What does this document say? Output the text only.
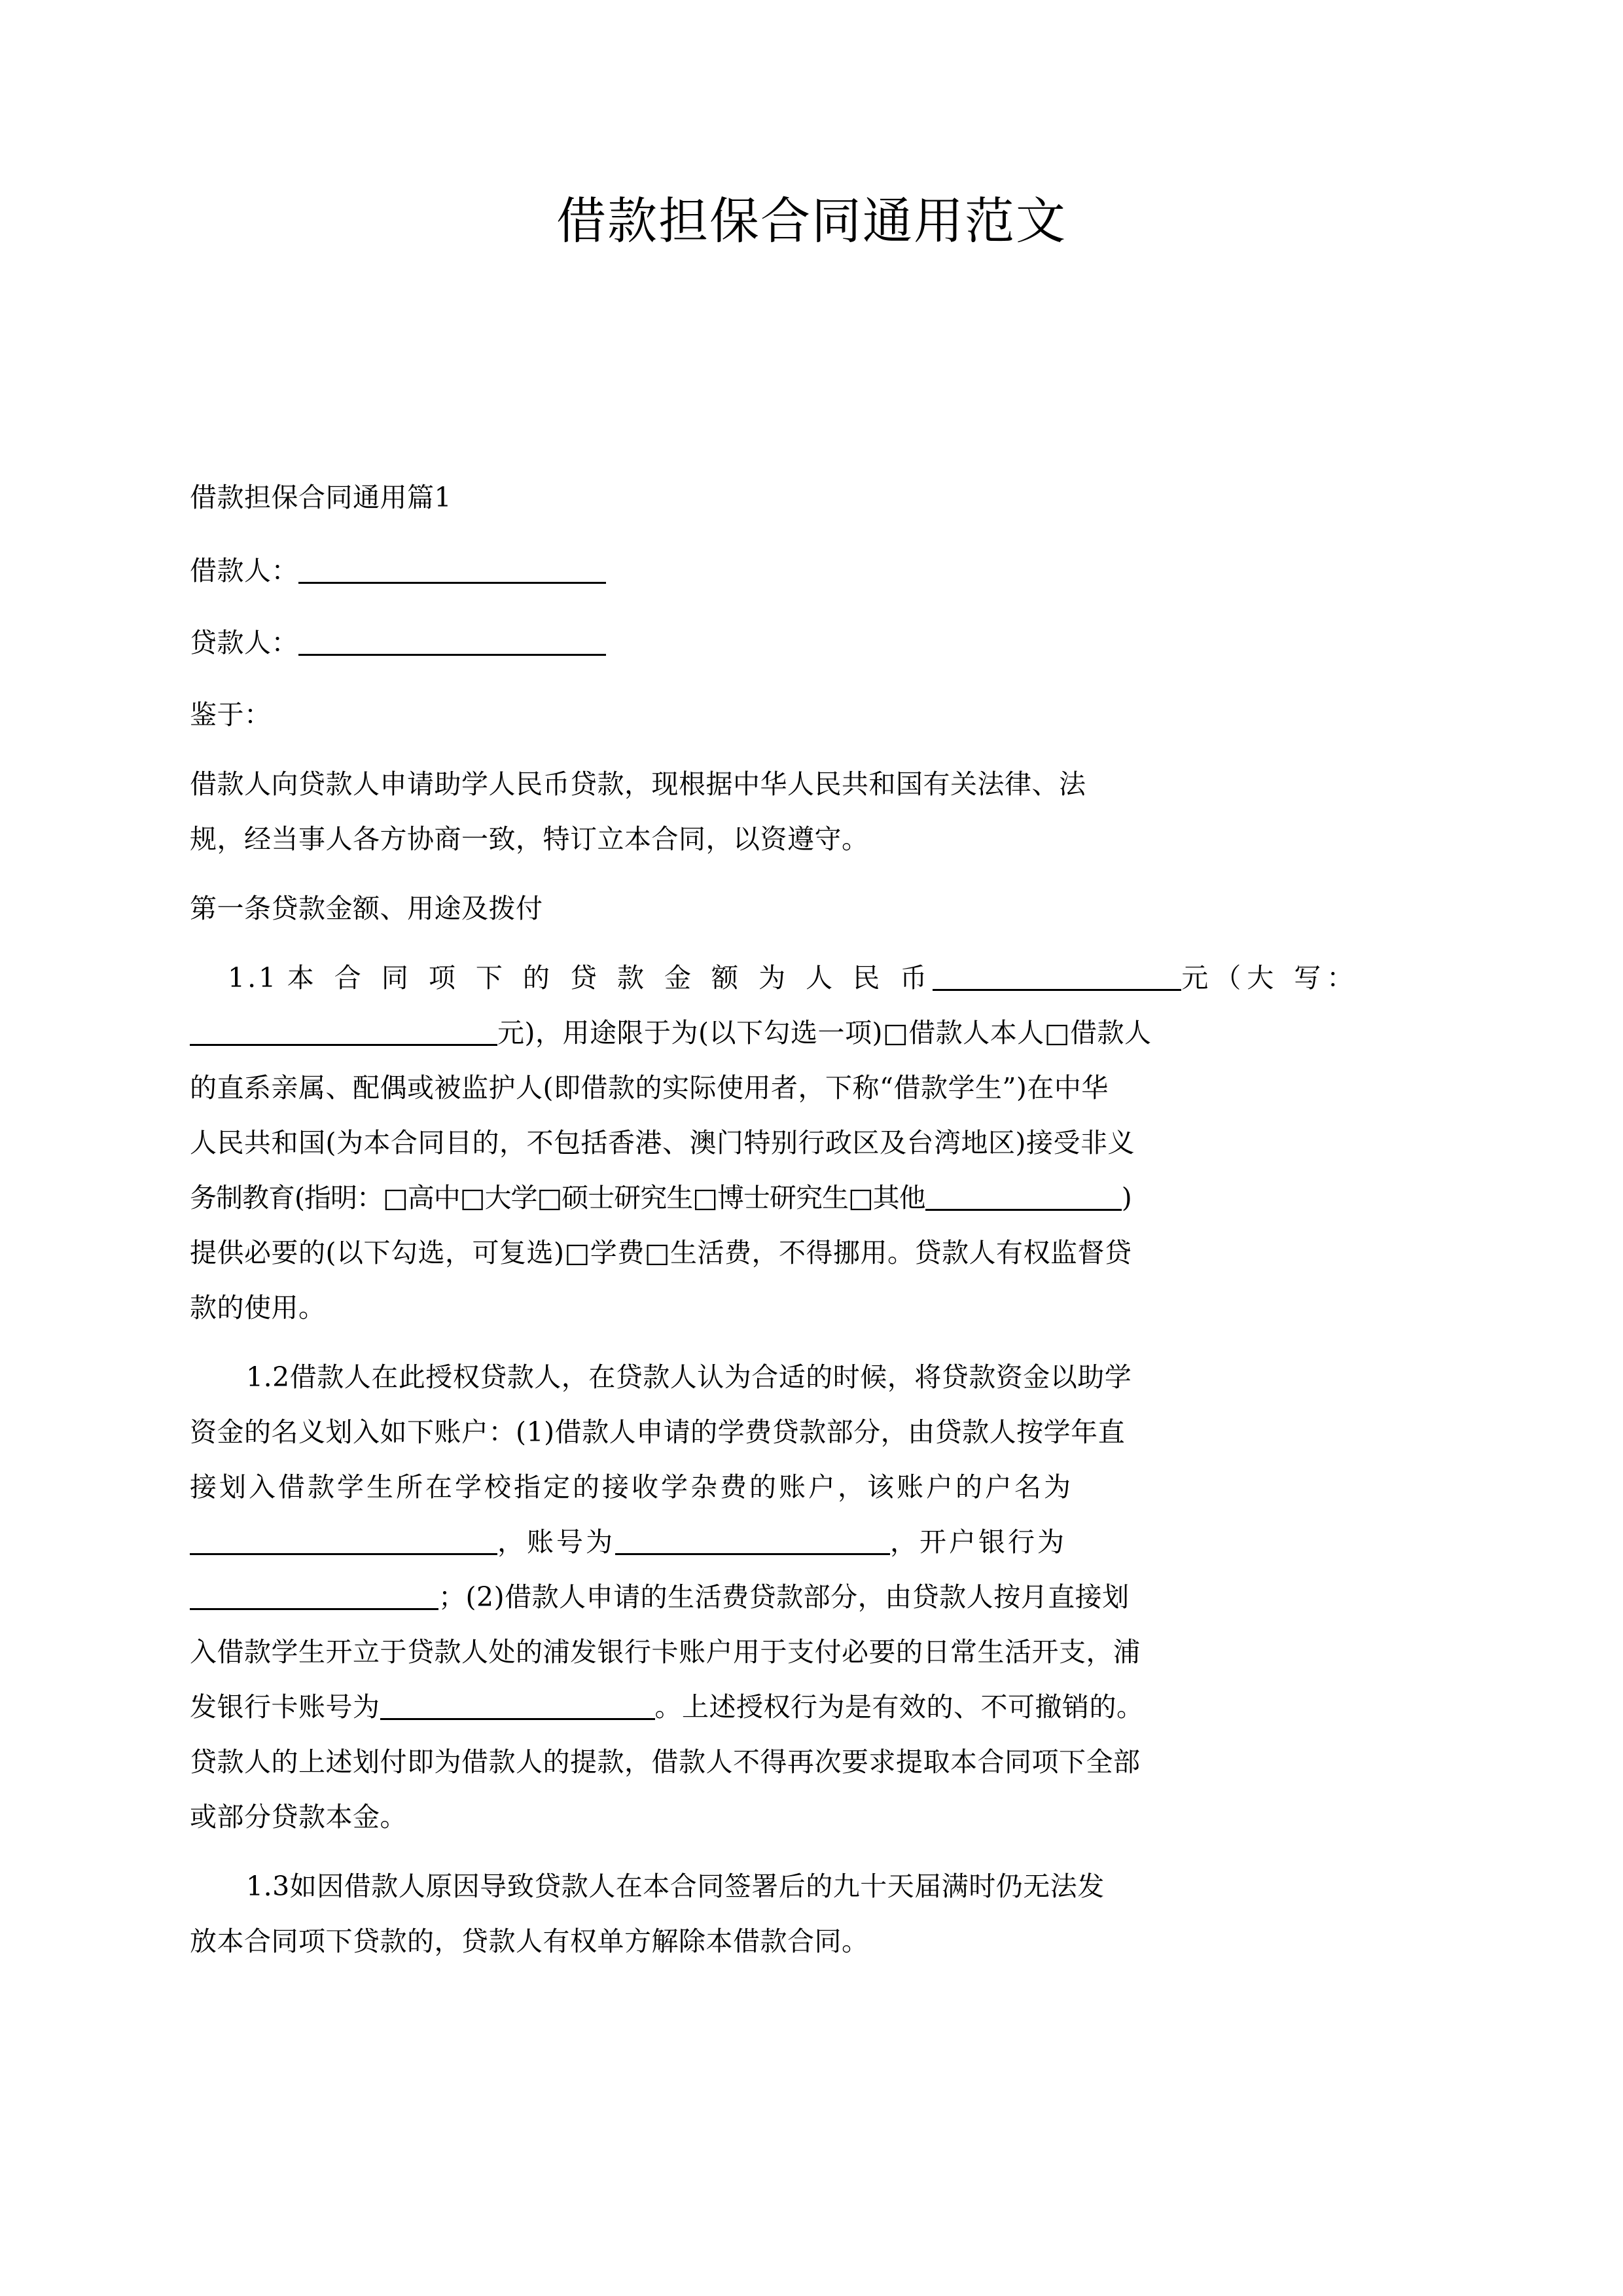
借款担保合同通用范文

借款担保合同通用篇1

借款人：

贷款人：

鉴于：

借款人向贷款人申请助学人民币贷款，现根据中华人民共和国有关法律、法

规，经当事人各方协商一致，特订立本合同，以资遵守。

第一条贷款金额、用途及拨付

1.1 本 合 同 项 下 的 贷 款 金 额 为 人 民 币	元（大 写：

元)，用途限于为(以下勾选一项)□借款人本人□借款人

的直系亲属、配偶或被监护人(即借款的实际使用者，下称“借款学生”)在中华

人民共和国(为本合同目的，不包括香港、澳门特别行政区及台湾地区)接受非义

务制教育(指明：□高中□大学□硕士研究生□博士研究生□其他	)

提供必要的(以下勾选，可复选)□学费□生活费，不得挪用。贷款人有权监督贷

款的使用。

1.2借款人在此授权贷款人，在贷款人认为合适的时候，将贷款资金以助学

资金的名义划入如下账户：(1)借款人申请的学费贷款部分，由贷款人按学年直

接划入借款学生所在学校指定的接收学杂费的账户，该账户的户名为

，账号为	，开户银行为

；(2)借款人申请的生活费贷款部分，由贷款人按月直接划

入借款学生开立于贷款人处的浦发银行卡账户用于支付必要的日常生活开支，浦

发银行卡账号为	。上述授权行为是有效的、不可撤销的。

贷款人的上述划付即为借款人的提款，借款人不得再次要求提取本合同项下全部

或部分贷款本金。

1.3如因借款人原因导致贷款人在本合同签署后的九十天届满时仍无法发

放本合同项下贷款的，贷款人有权单方解除本借款合同。
